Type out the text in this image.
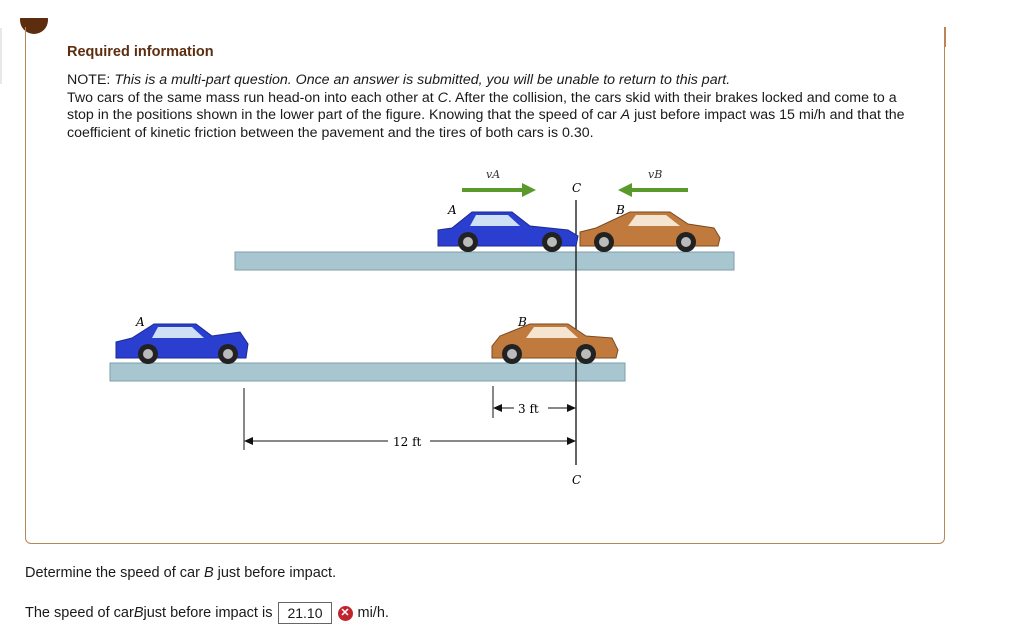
Required information
NOTE: This is a multi-part question. Once an answer is submitted, you will be unable to return to this part.
Two cars of the same mass run head-on into each other at C. After the collision, the cars skid with their brakes locked and come to a stop in the positions shown in the lower part of the figure. Knowing that the speed of car A just before impact was 15 mi/h and that the coefficient of kinetic friction between the pavement and the tires of both cars is 0.30.
C
C
vA	vB
A	B
A	B
3 ft
12 ft
Determine the speed of car B just before impact.
The speed of car B just before impact is	21.10	✕ mi/h.
